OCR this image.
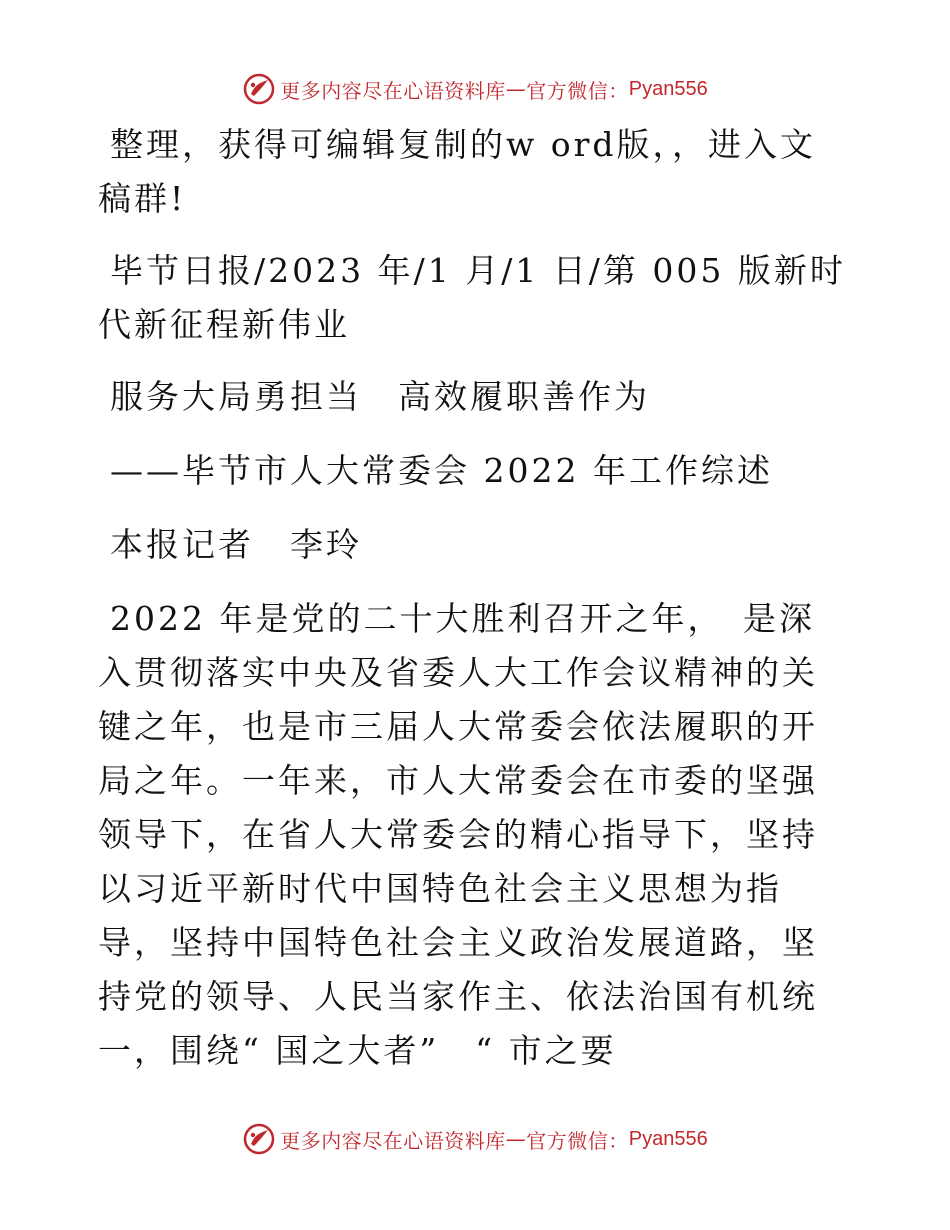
更多内容尽在心语资料库 — 官方微信： Pyan556

整理，获得可编辑复制的w ord版，，进入文稿群!

毕节日报/2023 年/1 月/1 日/第 005 版新时代新征程新伟业

服务大局勇担当　高效履职善作为

——毕节市人大常委会 2022 年工作综述

本报记者　李玲

2022 年是党的二十大胜利召开之年，　是深入贯彻落实中央及省委人大工作会议精神的关键之年，也是市三届人大常委会依法履职的开局之年。一年来，市人大常委会在市委的坚强领导下，在省人大常委会的精心指导下，坚持以习近平新时代中国特色社会主义思想为指导，坚持中国特色社会主义政治发展道路，坚持党的领导、人民当家作主、依法治国有机统一，围绕“ 国之大者”　“ 市之要

更多内容尽在心语资料库 — 官方微信： Pyan556
